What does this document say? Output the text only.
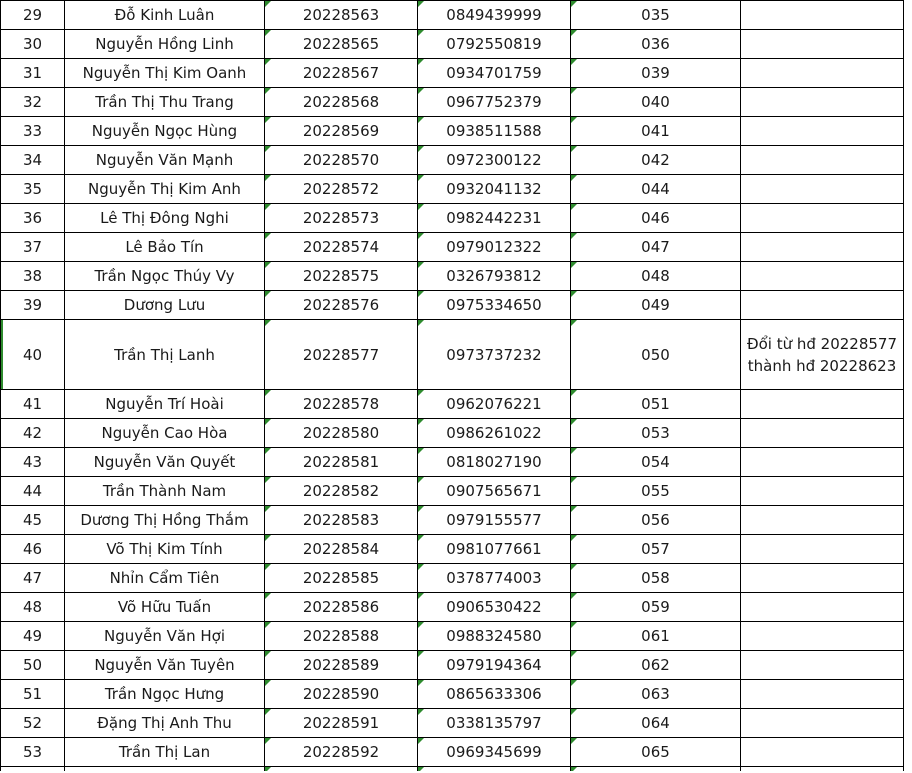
29	Đỗ Kinh Luân	20228563	0849439999	035	
30	Nguyễn Hồng Linh	20228565	0792550819	036	
31	Nguyễn Thị Kim Oanh	20228567	0934701759	039	
32	Trần Thị Thu Trang	20228568	0967752379	040	
33	Nguyễn Ngọc Hùng	20228569	0938511588	041	
34	Nguyễn Văn Mạnh	20228570	0972300122	042	
35	Nguyễn Thị Kim Anh	20228572	0932041132	044	
36	Lê Thị Đông Nghi	20228573	0982442231	046	
37	Lê Bảo Tín	20228574	0979012322	047	
38	Trần Ngọc Thúy Vy	20228575	0326793812	048	
39	Dương Lưu	20228576	0975334650	049	
40	Trần Thị Lanh	20228577	0973737232	050	Đổi từ hđ 20228577 thành hđ 20228623
41	Nguyễn Trí Hoài	20228578	0962076221	051	
42	Nguyễn Cao Hòa	20228580	0986261022	053	
43	Nguyễn Văn Quyết	20228581	0818027190	054	
44	Trần Thành Nam	20228582	0907565671	055	
45	Dương Thị Hồng Thắm	20228583	0979155577	056	
46	Võ Thị Kim Tính	20228584	0981077661	057	
47	Nhỉn Cẩm Tiên	20228585	0378774003	058	
48	Võ Hữu Tuấn	20228586	0906530422	059	
49	Nguyễn Văn Hợi	20228588	0988324580	061	
50	Nguyễn Văn Tuyên	20228589	0979194364	062	
51	Trần Ngọc Hưng	20228590	0865633306	063	
52	Đặng Thị Anh Thu	20228591	0338135797	064	
53	Trần Thị Lan	20228592	0969345699	065	
